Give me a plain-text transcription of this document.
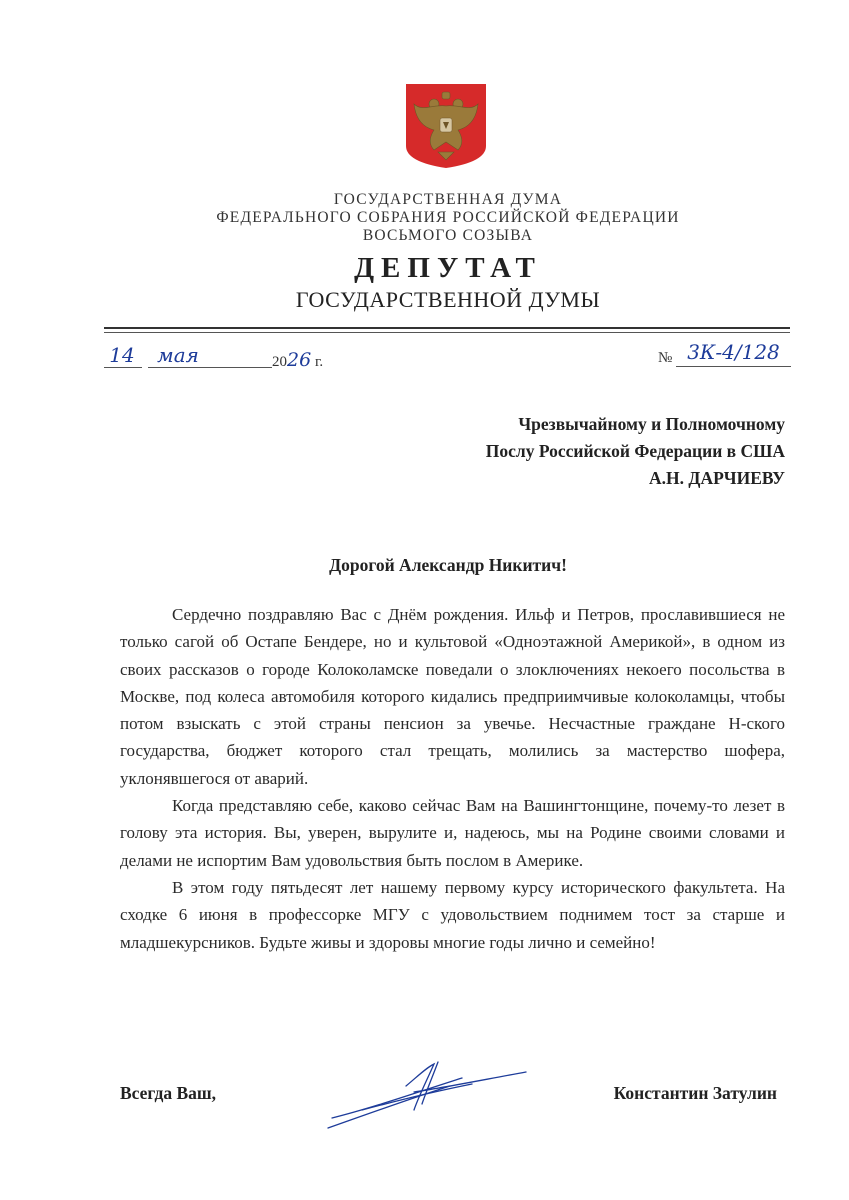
ГОСУДАРСТВЕННАЯ ДУМА
ФЕДЕРАЛЬНОГО СОБРАНИЯ РОССИЙСКОЙ ФЕДЕРАЦИИ
ВОСЬМОГО СОЗЫВА
ДЕПУТАТ
ГОСУДАРСТВЕННОЙ ДУМЫ
14	мая	2026 г.	№ 3К-4/128
Чрезвычайному и Полномочному
Послу Российской Федерации в США
А.Н. ДАРЧИЕВУ
Дорогой Александр Никитич!

Сердечно поздравляю Вас с Днём рождения. Ильф и Петров, прославившиеся не только сагой об Остапе Бендере, но и культовой «Одноэтажной Америкой», в одном из своих рассказов о городе Колоколамске поведали о злоключениях некоего посольства в Москве, под колеса автомобиля которого кидались предприимчивые колоколамцы, чтобы потом взыскать с этой страны пенсион за увечье. Несчастные граждане Н-ского государства, бюджет которого стал трещать, молились за мастерство шофера, уклонявшегося от аварий.

Когда представляю себе, каково сейчас Вам на Вашингтонщине, почему-то лезет в голову эта история. Вы, уверен, вырулите и, надеюсь, мы на Родине своими словами и делами не испортим Вам удовольствия быть послом в Америке.

В этом году пятьдесят лет нашему первому курсу исторического факультета. На сходке 6 июня в профессорке МГУ с удовольствием поднимем тост за старше и младшекурсников. Будьте живы и здоровы многие годы лично и семейно!

Всегда Ваш,	Константин Затулин
